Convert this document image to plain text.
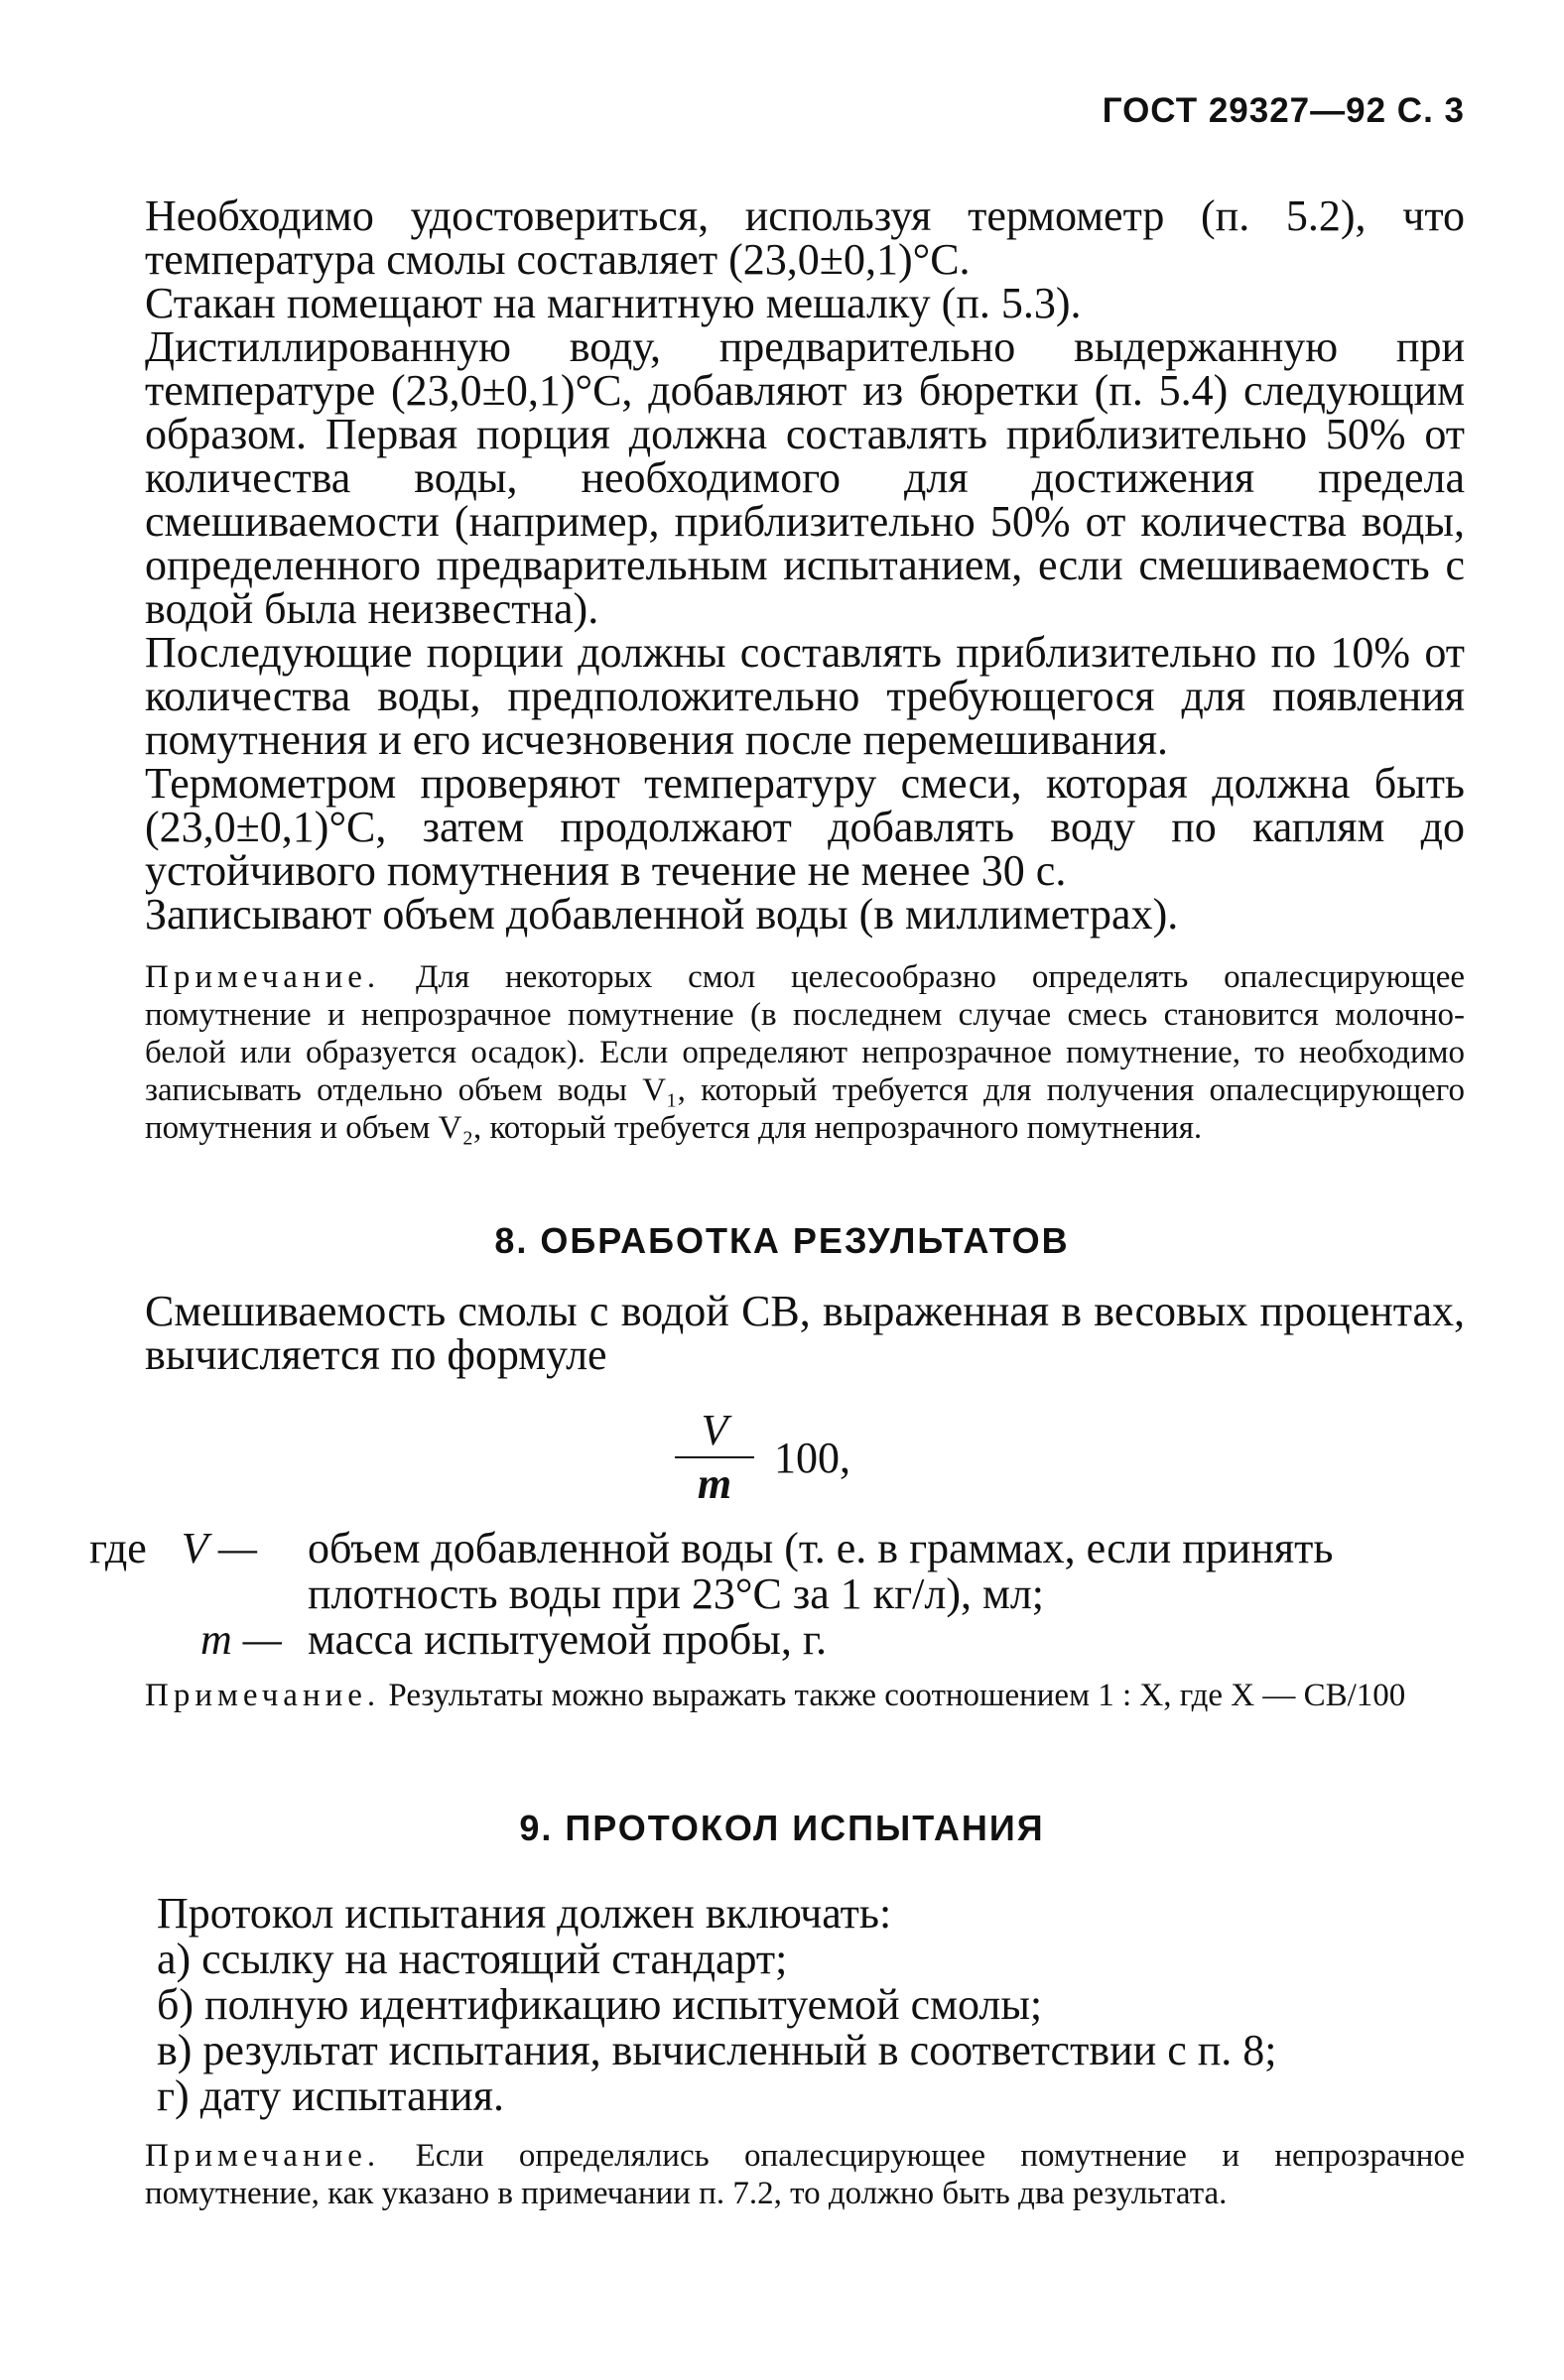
ГОСТ 29327—92 С. 3

Необходимо удостовериться, используя термометр (п. 5.2), что температура смолы составляет (23,0±0,1)°С.

Стакан помещают на магнитную мешалку (п. 5.3).

Дистиллированную воду, предварительно выдержанную при температуре (23,0±0,1)°С, добавляют из бюретки (п. 5.4) следующим образом. Первая порция должна составлять приблизительно 50% от количества воды, необходимого для достижения предела смешиваемости (например, приблизительно 50% от количества воды, определенного предварительным испытанием, если смешиваемость с водой была неизвестна).

Последующие порции должны составлять приблизительно по 10% от количества воды, предположительно требующегося для появления помутнения и его исчезновения после перемешивания.

Термометром проверяют температуру смеси, которая должна быть (23,0±0,1)°С, затем продолжают добавлять воду по каплям до устойчивого помутнения в течение не менее 30 с.

Записывают объем добавленной воды (в миллиметрах).

Примечание. Для некоторых смол целесообразно определять опалесцирующее помутнение и непрозрачное помутнение (в последнем случае смесь становится молочно-белой или образуется осадок). Если определяют непрозрачное помутнение, то необходимо записывать отдельно объем воды V₁, который требуется для получения опалесцирующего помутнения и объем V₂, который требуется для непрозрачного помутнения.

8. ОБРАБОТКА РЕЗУЛЬТАТОВ

Смешиваемость смолы с водой СВ, выраженная в весовых процентах, вычисляется по формуле

V
m
100,
где V — объем добавленной воды (т. е. в граммах, если принять
плотность воды при 23°С за 1 кг/л), мл;
m — масса испытуемой пробы, г.

Примечание. Результаты можно выражать также соотношением 1 : X, где X — СВ/100

9. ПРОТОКОЛ ИСПЫТАНИЯ
Протокол испытания должен включать:
а) ссылку на настоящий стандарт;
б) полную идентификацию испытуемой смолы;
в) результат испытания, вычисленный в соответствии с п. 8;
г) дату испытания.

Примечание. Если определялись опалесцирующее помутнение и непрозрачное помутнение, как указано в примечании п. 7.2, то должно быть два результата.
